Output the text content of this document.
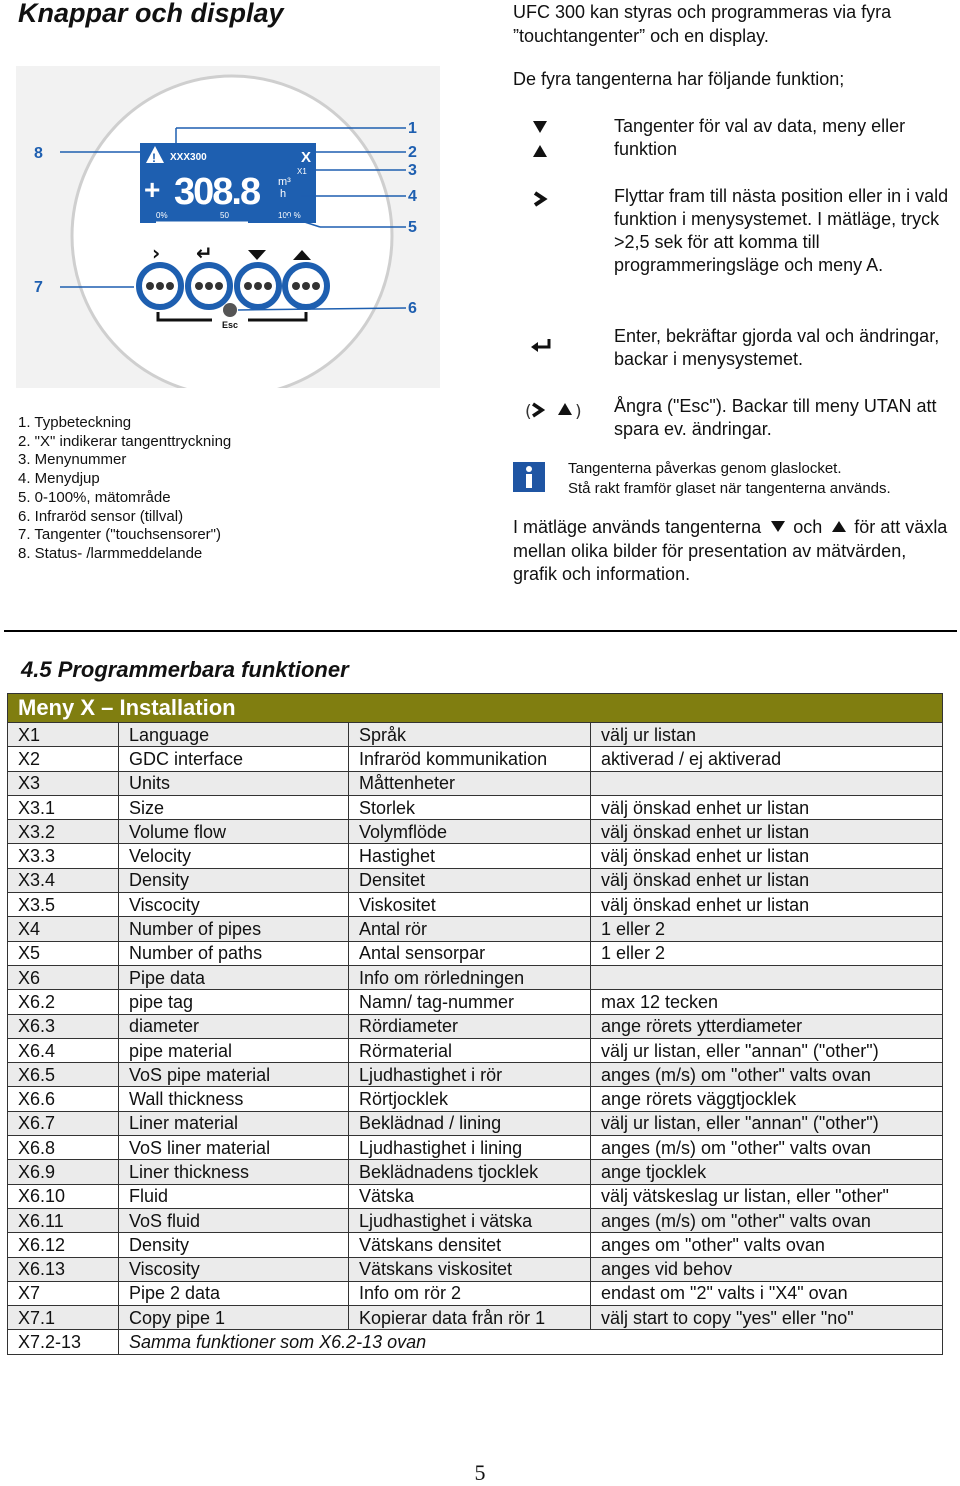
Knappar och display
! XXX300	X
X1
+ 308.8 m³
h
0%	50	100 %
› ↵
Esc
1
2
3
4
5
6
7
8
UFC 300 kan styras och programmeras via fyra ”touchtangenter” och en display.
De fyra tangenterna har följande funktion;
Tangenter för val av data, meny eller funktion
Flyttar fram till nästa position eller in i vald funktion i menysystemet. I mätläge, tryck >2,5 sek för att komma till programmeringsläge och meny A.
Enter, bekräftar gjorda val och ändringar, backar i menysystemet.
(	) Ångra ("Esc"). Backar till meny UTAN att spara ev. ändringar.
1. Typbeteckning
2. "X" indikerar tangenttryckning
3. Menynummer
4. Menydjup
5. 0-100%, mätområde
6. Infraröd sensor (tillval)
7. Tangenter ("touchsensorer")
8. Status- /larmmeddelande
Tangenterna påverkas genom glaslocket.
Stå rakt framför glaset när tangenterna används.
I mätläge används tangenterna och för att växla mellan olika bilder för presentation av mätvärden, grafik och information.
4.5 Programmerbara funktioner
Meny X – Installation			
X1	Language	Språk	välj ur listan
X2	GDC interface	Infraröd kommunikation	aktiverad / ej aktiverad
X3	Units	Måttenheter	
X3.1	Size	Storlek	välj önskad enhet ur listan
X3.2	Volume flow	Volymflöde	välj önskad enhet ur listan
X3.3	Velocity	Hastighet	välj önskad enhet ur listan
X3.4	Density	Densitet	välj önskad enhet ur listan
X3.5	Viscocity	Viskositet	välj önskad enhet ur listan
X4	Number of pipes	Antal rör	1 eller 2
X5	Number of paths	Antal sensorpar	1 eller 2
X6	Pipe data	Info om rörledningen	
X6.2	pipe tag	Namn/ tag-nummer	max 12 tecken
X6.3	diameter	Rördiameter	ange rörets ytterdiameter
X6.4	pipe material	Rörmaterial	välj ur listan, eller "annan" ("other")
X6.5	VoS pipe material	Ljudhastighet i rör	anges (m/s) om "other" valts ovan
X6.6	Wall thickness	Rörtjocklek	ange rörets väggtjocklek
X6.7	Liner material	Beklädnad / lining	välj ur listan, eller "annan" ("other")
X6.8	VoS liner material	Ljudhastighet i lining	anges (m/s) om "other" valts ovan
X6.9	Liner thickness	Beklädnadens tjocklek	ange tjocklek
X6.10	Fluid	Vätska	välj vätskeslag ur listan, eller "other"
X6.11	VoS fluid	Ljudhastighet i vätska	anges (m/s) om "other" valts ovan
X6.12	Density	Vätskans densitet	anges om "other" valts ovan
X6.13	Viscosity	Vätskans viskositet	anges vid behov
X7	Pipe 2 data	Info om rör 2	endast om "2" valts i "X4" ovan
X7.1	Copy pipe 1	Kopierar data från rör 1	välj start to copy "yes" eller "no"
X7.2-13	Samma funktioner som X6.2-13 ovan		
5
